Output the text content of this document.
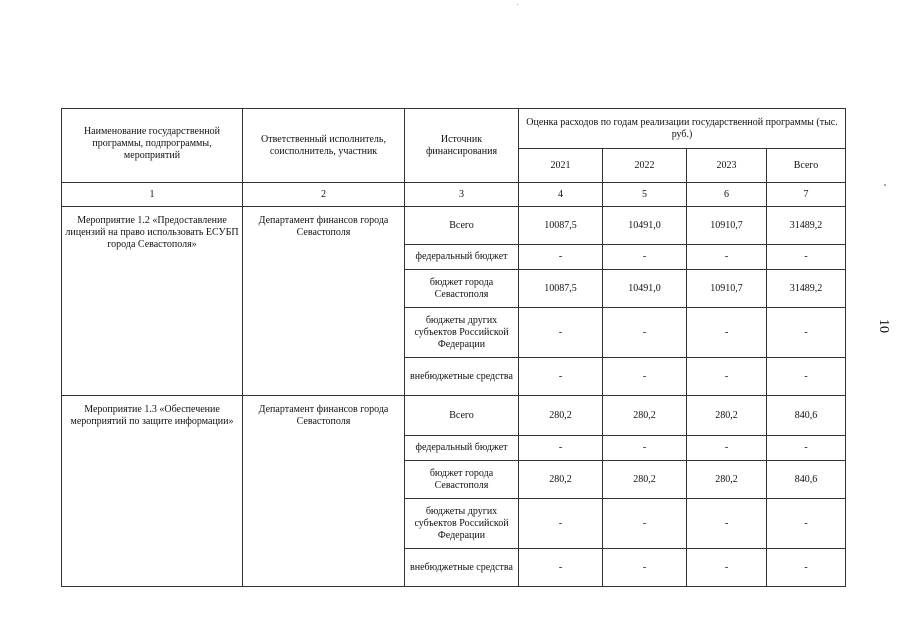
Наименование государственной программы, подпрограммы, мероприятий	Ответственный исполнитель, соисполнитель, участник	Источник финансирования	Оценка расходов по годам реализации государственной программы (тыс. руб.)			
			2021	2022	2023	Всего
1	2	3	4	5	6	7
Мероприятие 1.2 «Предоставление лицензий на право использовать ЕСУБП города Севастополя»	Департамент финансов города Севастополя	Всего	10087,5	10491,0	10910,7	31489,2
		федеральный бюджет	-	-	-	-
		бюджет города Севастополя	10087,5	10491,0	10910,7	31489,2
		бюджеты других субъектов Российской Федерации	-	-	-	-
		внебюджетные средства	-	-	-	-
Мероприятие 1.3 «Обеспечение мероприятий по защите информации»	Департамент финансов города Севастополя	Всего	280,2	280,2	280,2	840,6
		федеральный бюджет	-	-	-	-
		бюджет города Севастополя	280,2	280,2	280,2	840,6
		бюджеты других субъектов Российской Федерации	-	-	-	-
		внебюджетные средства	-	-	-	-
10
